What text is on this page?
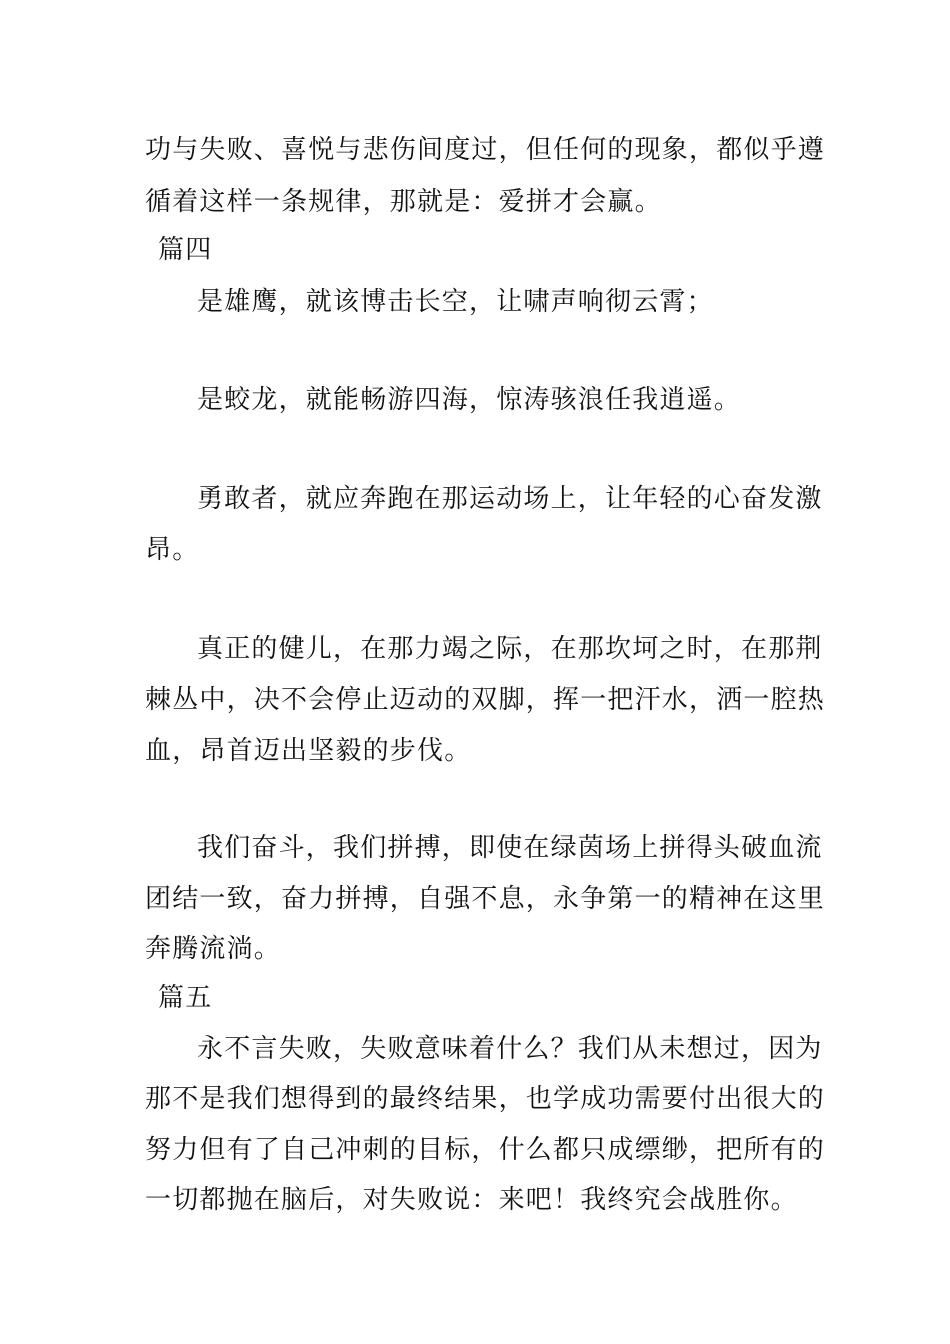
功与失败、喜悦与悲伤间度过，但任何的现象，都似乎遵
循着这样一条规律，那就是：爱拼才会赢。
篇四
是雄鹰，就该博击长空，让啸声响彻云霄；
是蛟龙，就能畅游四海，惊涛骇浪任我逍遥。
勇敢者，就应奔跑在那运动场上，让年轻的心奋发激
昂。
真正的健儿，在那力竭之际，在那坎坷之时，在那荆
棘丛中，决不会停止迈动的双脚，挥一把汗水，洒一腔热
血，昂首迈出坚毅的步伐。
我们奋斗，我们拼搏，即使在绿茵场上拼得头破血流
团结一致，奋力拼搏，自强不息，永争第一的精神在这里
奔腾流淌。
篇五
永不言失败，失败意味着什么？我们从未想过，因为
那不是我们想得到的最终结果，也学成功需要付出很大的
努力但有了自己冲刺的目标，什么都只成缥缈，把所有的
一切都抛在脑后，对失败说：来吧！我终究会战胜你。
